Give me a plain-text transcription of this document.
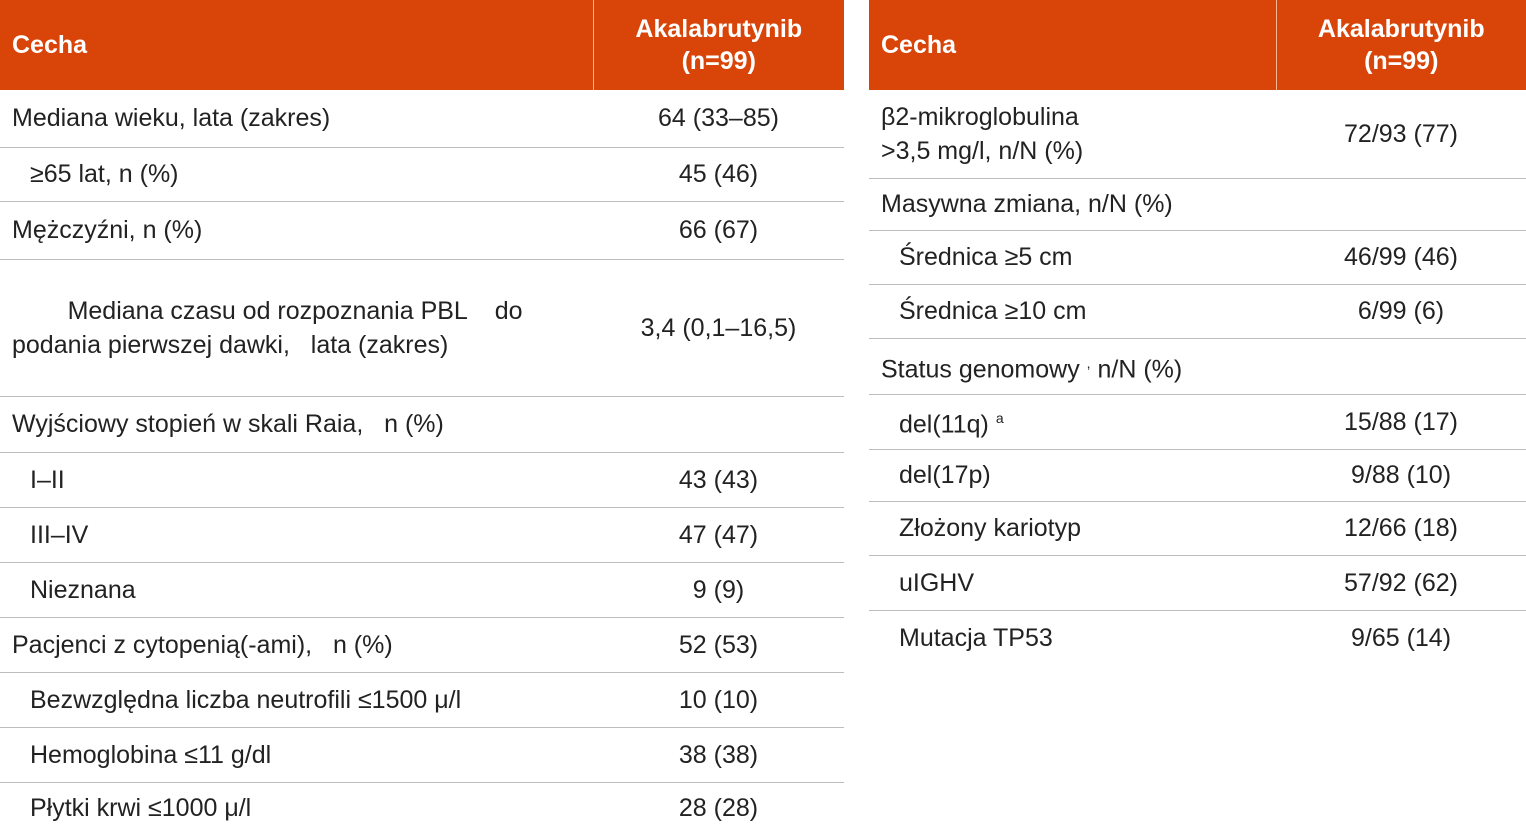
Cecha	Akalabrutynib
(n=99)
Mediana wieku, lata (zakres)	64 (33–85)
≥65 lat, n (%)	45 (46)
Mężczyźni, n (%)	66 (67)

Mediana czasu od rozpoznania PBL    do
podania pierwszej dawki,   lata (zakres)	3,4 (0,1–16,5)
Wyjściowy stopień w skali Raia,   n (%)	
I–II	43 (43)
III–IV	47 (47)
Nieznana	9 (9)
Pacjenci z cytopenią(-ami),   n (%)	52 (53)
Bezwzględna liczba neutrofili ≤1500 μ/l	10 (10)
Hemoglobina ≤11 g/dl	38 (38)
Płytki krwi ≤1000 μ/l	28 (28)
Cecha	Akalabrutynib
(n=99)
β2-mikroglobulina
>3,5 mg/l, n/N (%)	72/93 (77)
Masywna zmiana, n/N (%)	
Średnica ≥5 cm	46/99 (46)
Średnica ≥10 cm	6/99 (6)
Status genomowy , n/N (%)	
del(11q) $^a$	15/88 (17)
del(17p)	9/88 (10)
Złożony kariotyp	12/66 (18)
uIGHV	57/92 (62)
Mutacja TP53	9/65 (14)
